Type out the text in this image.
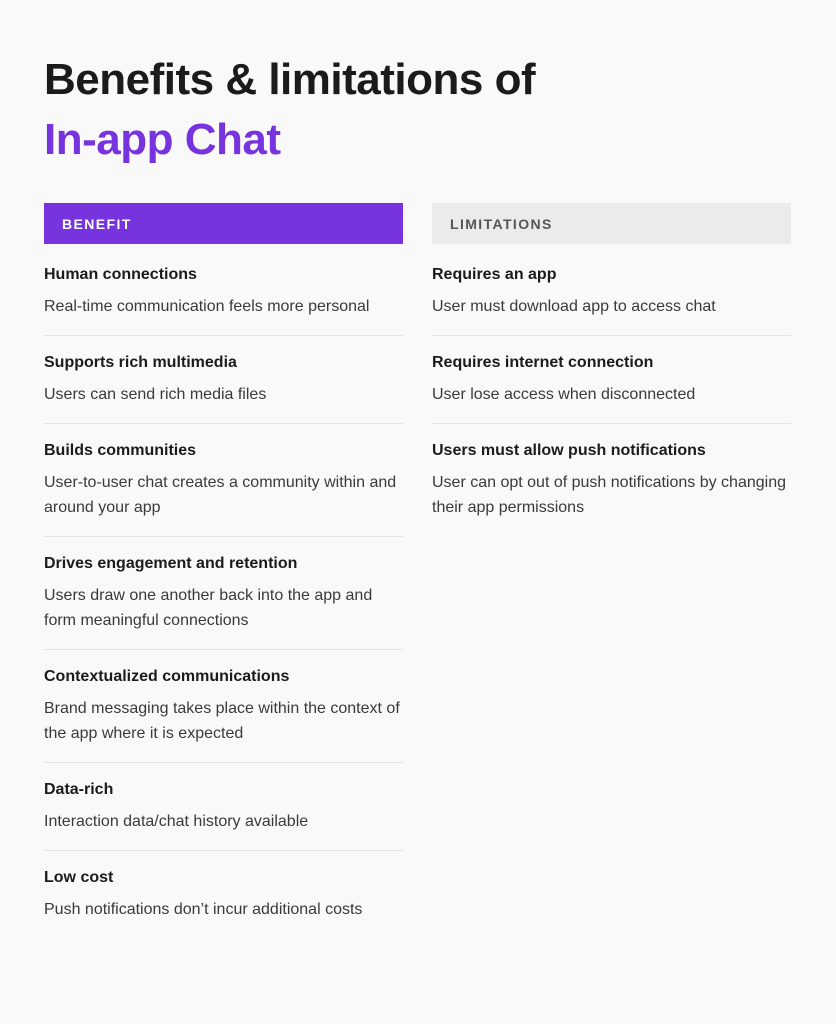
Benefits & limitations of
In-app Chat
BENEFIT
Human connections
Real-time communication feels more personal
Supports rich multimedia
Users can send rich media files
Builds communities
User-to-user chat creates a community within and around your app
Drives engagement and retention
Users draw one another back into the app and form meaningful connections
Contextualized communications
Brand messaging takes place within the context of the app where it is expected
Data-rich
Interaction data/chat history available
Low cost
Push notifications don’t incur additional costs
LIMITATIONS
Requires an app
User must download app to access chat
Requires internet connection
User lose access when disconnected
Users must allow push notifications
User can opt out of push notifications by changing their app permissions
